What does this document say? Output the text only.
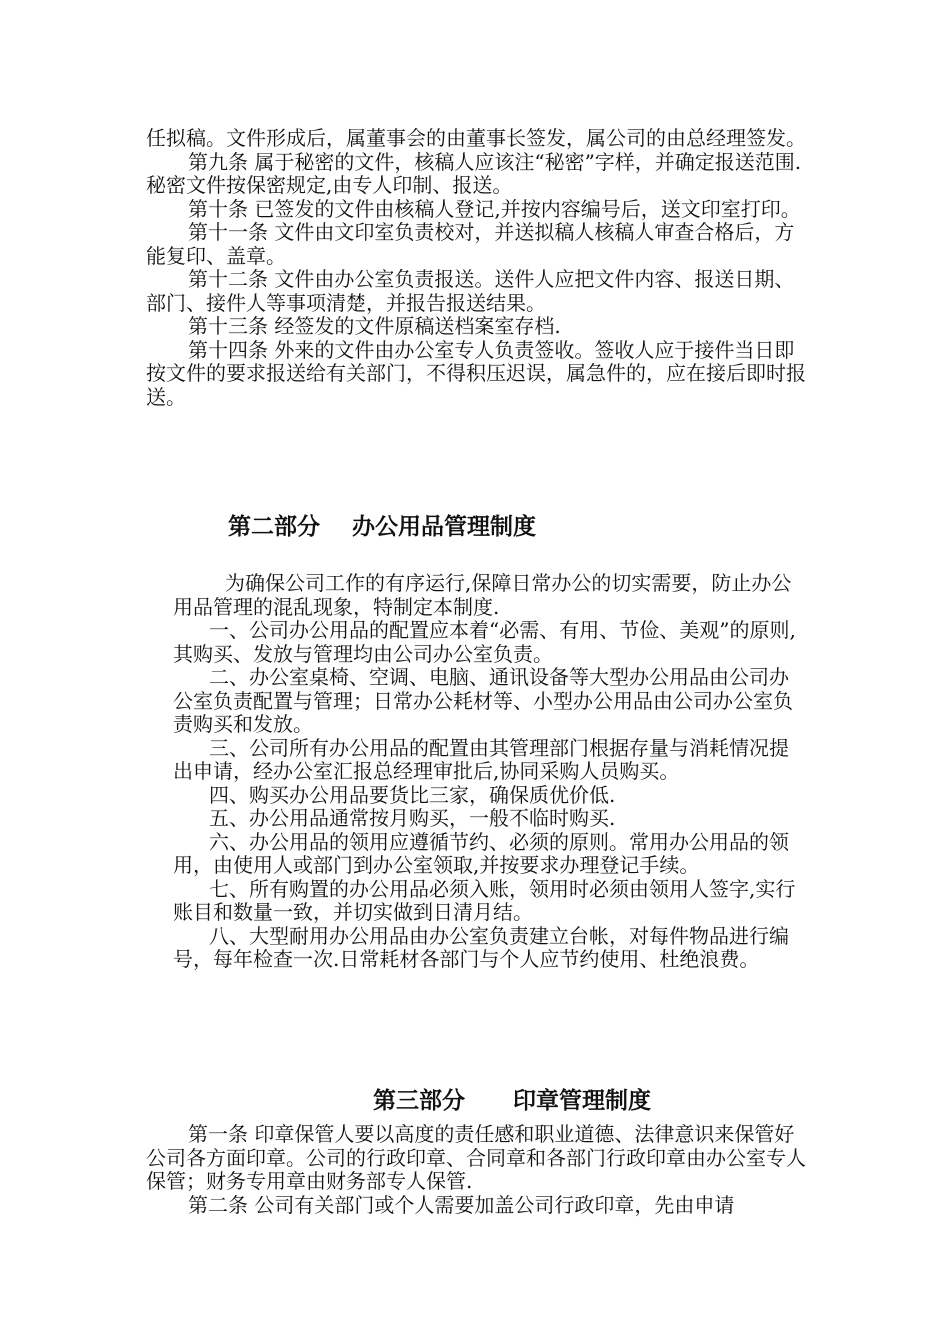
任拟稿。文件形成后，属董事会的由董事长签发，属公司的由总经理签发。

第九条 属于秘密的文件，核稿人应该注“秘密”字样，并确定报送范围.秘密文件按保密规定,由专人印制、报送。

第十条 已签发的文件由核稿人登记,并按内容编号后，送文印室打印。

第十一条 文件由文印室负责校对，并送拟稿人核稿人审查合格后，方能复印、盖章。

第十二条 文件由办公室负责报送。送件人应把文件内容、报送日期、部门、接件人等事项清楚，并报告报送结果。

第十三条 经签发的文件原稿送档案室存档.

第十四条 外来的文件由办公室专人负责签收。签收人应于接件当日即按文件的要求报送给有关部门，不得积压迟误，属急件的，应在接后即时报送。

第二部分    办公用品管理制度

为确保公司工作的有序运行,保障日常办公的切实需要，防止办公用品管理的混乱现象，特制定本制度.

一、公司办公用品的配置应本着“必需、有用、节俭、美观”的原则,其购买、发放与管理均由公司办公室负责。

二、办公室桌椅、空调、电脑、通讯设备等大型办公用品由公司办公室负责配置与管理；日常办公耗材等、小型办公用品由公司办公室负责购买和发放。

三、公司所有办公用品的配置由其管理部门根据存量与消耗情况提出申请，经办公室汇报总经理审批后,协同采购人员购买。

四、购买办公用品要货比三家，确保质优价低.

五、办公用品通常按月购买，一般不临时购买.

六、办公用品的领用应遵循节约、必须的原则。常用办公用品的领用，由使用人或部门到办公室领取,并按要求办理登记手续。

七、所有购置的办公用品必须入账，领用时必须由领用人签字,实行账目和数量一致，并切实做到日清月结。

八、大型耐用办公用品由办公室负责建立台帐，对每件物品进行编号，每年检查一次.日常耗材各部门与个人应节约使用、杜绝浪费。

第三部分      印章管理制度

第一条 印章保管人要以高度的责任感和职业道德、法律意识来保管好公司各方面印章。公司的行政印章、合同章和各部门行政印章由办公室专人保管；财务专用章由财务部专人保管.

第二条 公司有关部门或个人需要加盖公司行政印章，先由申请
